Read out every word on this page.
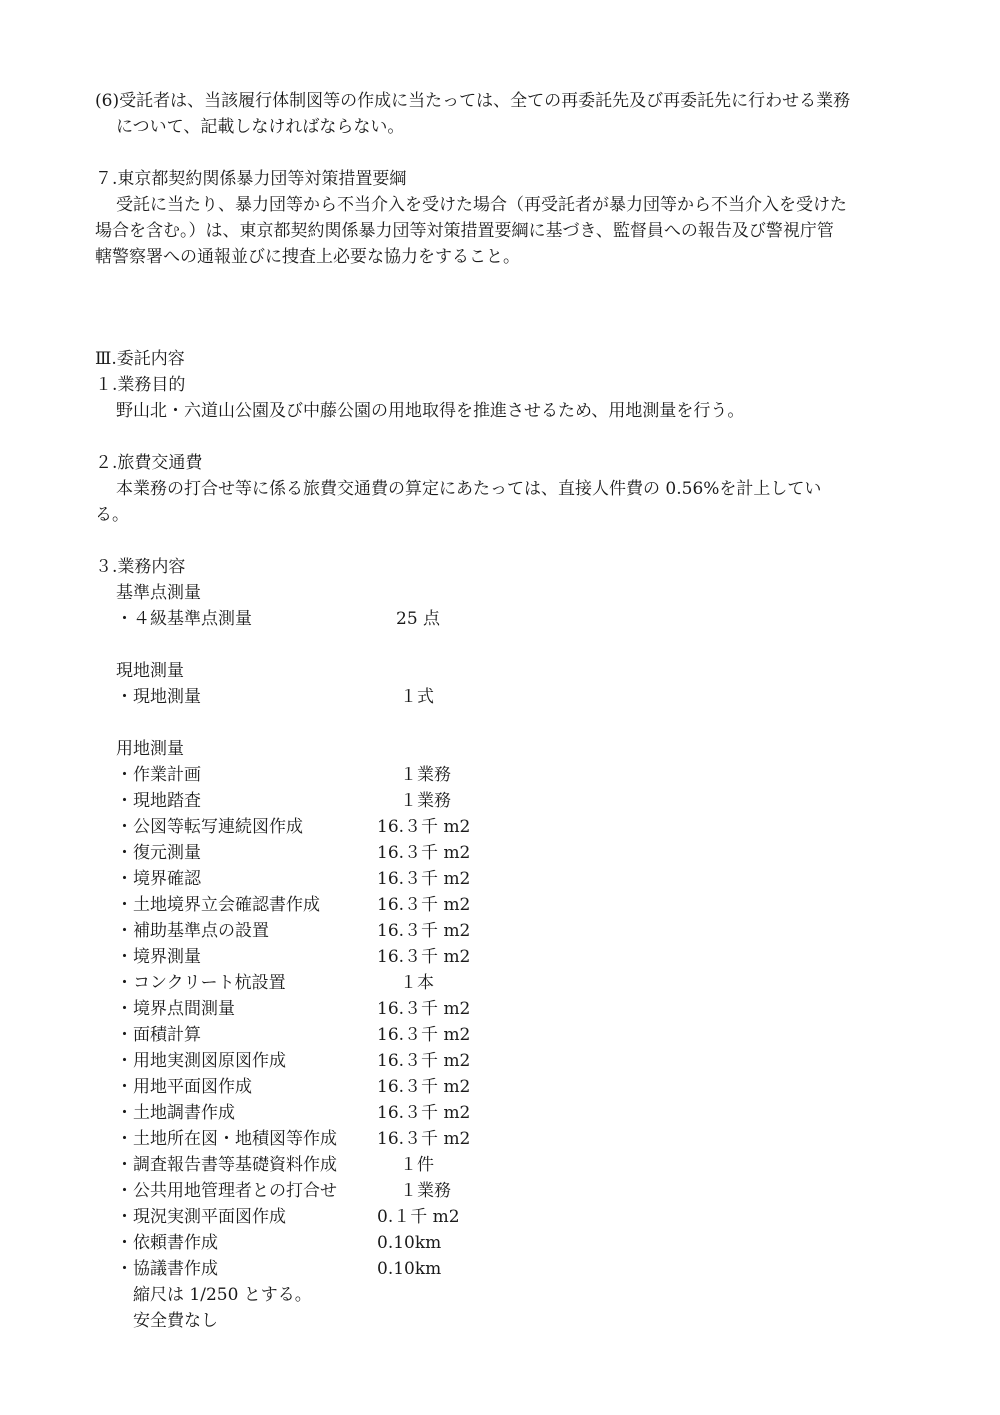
(6)受託者は、当該履行体制図等の作成に当たっては、全ての再委託先及び再委託先に行わせる業務
について、記載しなければならない。
７.東京都契約関係暴力団等対策措置要綱
受託に当たり、暴力団等から不当介入を受けた場合（再受託者が暴力団等から不当介入を受けた
場合を含む。）は、東京都契約関係暴力団等対策措置要綱に基づき、監督員への報告及び警視庁管
轄警察署への通報並びに捜査上必要な協力をすること。
Ⅲ.委託内容
１.業務目的
野山北・六道山公園及び中藤公園の用地取得を推進させるため、用地測量を行う。
２.旅費交通費
本業務の打合せ等に係る旅費交通費の算定にあたっては、直接人件費の 0.56%を計上してい
る。
３.業務内容
基準点測量
・４級基準点測量	25 点
現地測量
・現地測量	１式
用地測量
・作業計画	１業務
・現地踏査	１業務
・公図等転写連続図作成	16.３千 m2
・復元測量	16.３千 m2
・境界確認	16.３千 m2
・土地境界立会確認書作成	16.３千 m2
・補助基準点の設置	16.３千 m2
・境界測量	16.３千 m2
・コンクリート杭設置	１本
・境界点間測量	16.３千 m2
・面積計算	16.３千 m2
・用地実測図原図作成	16.３千 m2
・用地平面図作成	16.３千 m2
・土地調書作成	16.３千 m2
・土地所在図・地積図等作成 16.３千 m2
・調査報告書等基礎資料作成	１件
・公共用地管理者との打合せ	１業務
・現況実測平面図作成	0.１千 m2
・依頼書作成	0.10km
・協議書作成	0.10km
縮尺は 1/250 とする。
安全費なし
